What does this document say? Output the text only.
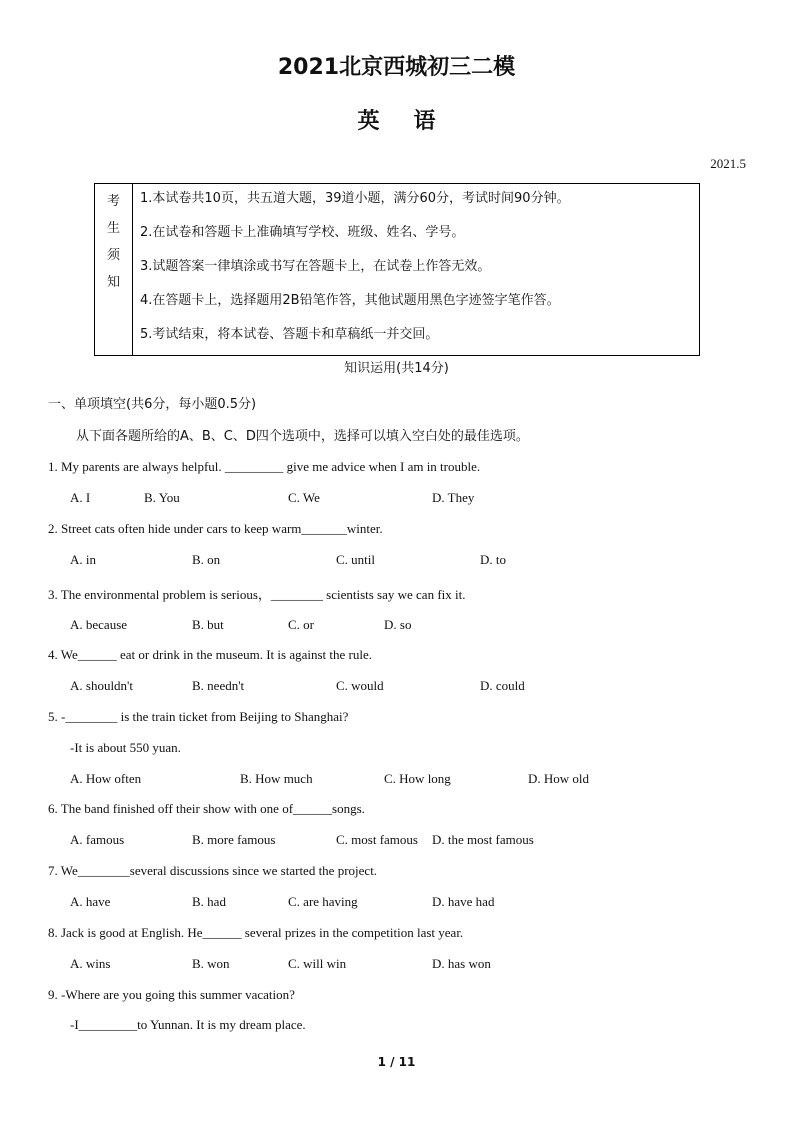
2021北京西城初三二模
英语
2021.5
考
生
须
知
1.本试卷共10页，共五道大题，39道小题，满分60分，考试时间90分钟。
2.在试卷和答题卡上准确填写学校、班级、姓名、学号。
3.试题答案一律填涂或书写在答题卡上，在试卷上作答无效。
4.在答题卡上，选择题用2B铅笔作答，其他试题用黑色字迹签字笔作答。
5.考试结束，将本试卷、答题卡和草稿纸一并交回。
知识运用(共14分)
一、单项填空(共6分，每小题0.5分)
从下面各题所给的A、B、C、D四个选项中，选择可以填入空白处的最佳选项。
1. My parents are always helpful. _________ give me advice when I am in trouble.
A. I	B. You	C. We	D. They
2. Street cats often hide under cars to keep warm_______winter.
A. in	B. on	C. until	D. to
3. The environmental problem is serious，________ scientists say we can fix it.
A. because	B. but	C. or	D. so
4. We______ eat or drink in the museum. It is against the rule.
A. shouldn't	B. needn't	C. would	D. could
5. -________ is the train ticket from Beijing to Shanghai?
-It is about 550 yuan.
A. How often	B. How much	C. How long	D. How old
6. The band finished off their show with one of______songs.
A. famous	B. more famous	C. most famous D. the most famous
7. We________several discussions since we started the project.
A. have	B. had	C. are having	D. have had
8. Jack is good at English. He______ several prizes in the competition last year.
A. wins	B. won	C. will win	D. has won
9. -Where are you going this summer vacation?
-I_________to Yunnan. It is my dream place.
1 / 11
